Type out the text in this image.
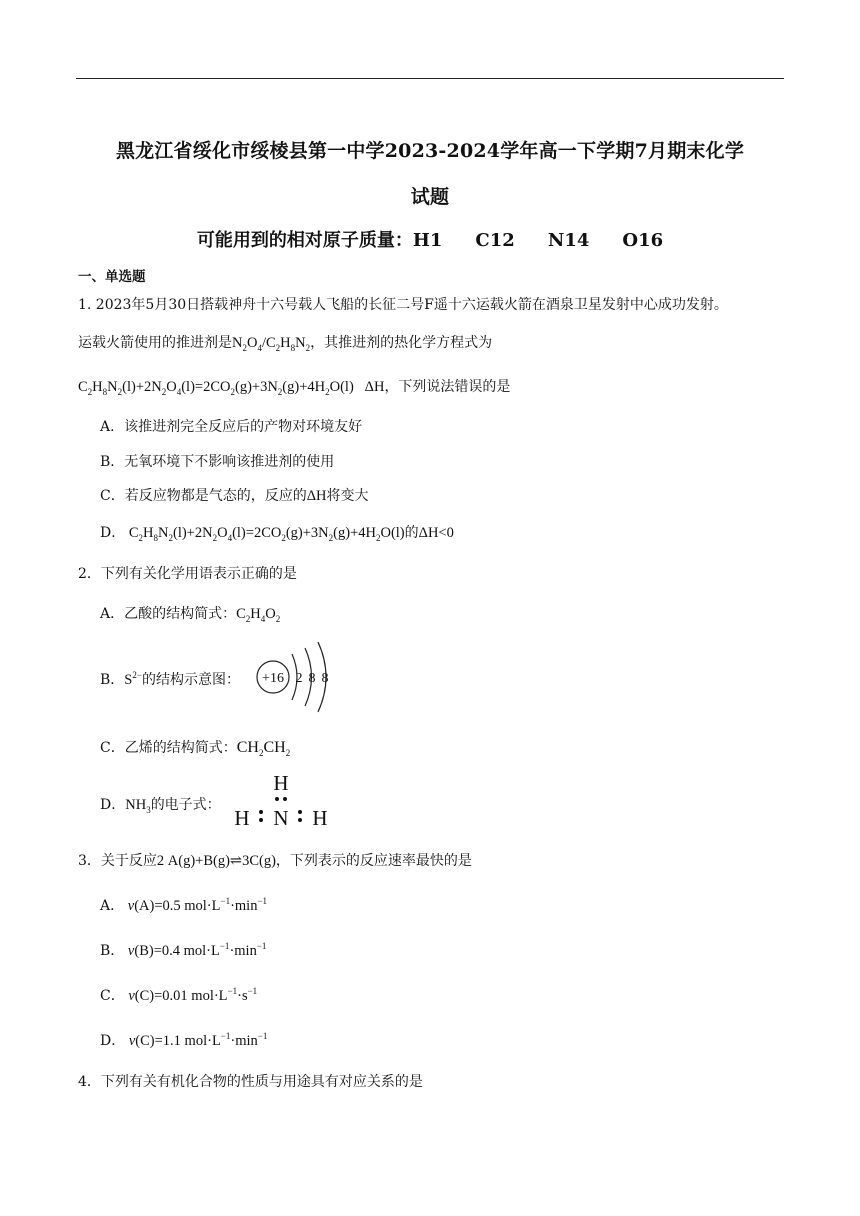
黑龙江省绥化市绥棱县第一中学2023-2024学年高一下学期7月期末化学
试题
可能用到的相对原子质量：H1    C12    N14    O16
一、单选题
1. 2023年5月30日搭载神舟十六号载人飞船的长征二号F遥十六运载火箭在酒泉卫星发射中心成功发射。
运载火箭使用的推进剂是$N_2O_4/C_2H_8N_2$，其推进剂的热化学方程式为
$C_2H_8N_2(l)+2N_2O_4(l)=2CO_2(g)+3N_2(g)+4H_2O(l)$   ΔH，下列说法错误的是
A．该推进剂完全反应后的产物对环境友好
B．无氧环境下不影响该推进剂的使用
C．若反应物都是气态的，反应的ΔH将变大
D． $C_2H_8N_2(l)+2N_2O_4(l)=2CO_2(g)+3N_2(g)+4H_2O(l)$的ΔH<0
2．下列有关化学用语表示正确的是
A．乙酸的结构简式：$C_2H_4O_2$
B．$S^{2-}$的结构示意图： +16 2 8 8
C．乙烯的结构简式：$CH_2CH_2$
D．$NH_3$的电子式：
H
H N H
3．关于反应2 A(g)+B(g)⇌3C(g)，下列表示的反应速率最快的是
A． v(A)=0.5 $mol\cdot L^{-1}\cdot\min^{-1}$
B． v(B)=0.4 $mol\cdot L^{-1}\cdot\min^{-1}$
C． v(C)=0.01 $mol\cdot L^{-1}\cdot s^{-1}$
D． v(C)=1.1 $mol\cdot L^{-1}\cdot\min^{-1}$
4．下列有关有机化合物的性质与用途具有对应关系的是
